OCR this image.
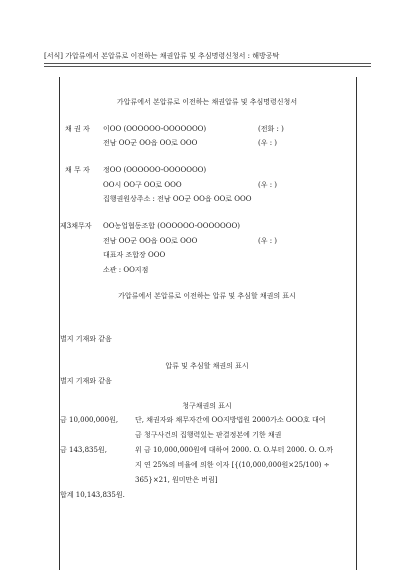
[서식] 가압류에서 본압류로 이전하는 채권압류 및 추심명령신청서 : 해방공탁
가압류에서 본압류로 이전하는 채권압류 및 추심명령신청서
채 권 자 이OO (OOOOOO-OOOOOOO)	(전화 : )
전남 OO군 OO읍 OO로 OOO	(우 : )
채 무 자 정OO (OOOOOO-OOOOOOO)
OO시 OO구 OO로 OOO	(우 : )
집행권원상주소 : 전남 OO군 OO읍 OO로 OOO
제3채무자 OO농업협동조합 (OOOOOO-OOOOOOO)
전남 OO군 OO읍 OO로 OOO	(우 : )
대표자 조합장 OOO
소관 : OO지점
가압류에서 본압류로 이전하는 압류 및 추심할 채권의 표시
별지 기재와 같음
압류 및 추심할 채권의 표시
별지 기재와 같음
청구채권의 표시
금 10,000,000원, 단, 채권자와 채무자간에 OO지방법원 2000가소 OOO호 대여
금 청구사건의 집행력있는 판결정본에 기한 채권
금 143,835원,	위 금 10,000,000원에 대하여 2000. O. O.부터 2000. O. O.까
지 연 25%의 비율에 의한 이자 [{(10,000,000원×25/100) ÷
365}×21, 원미만은 버림]
합계 10,143,835원.
